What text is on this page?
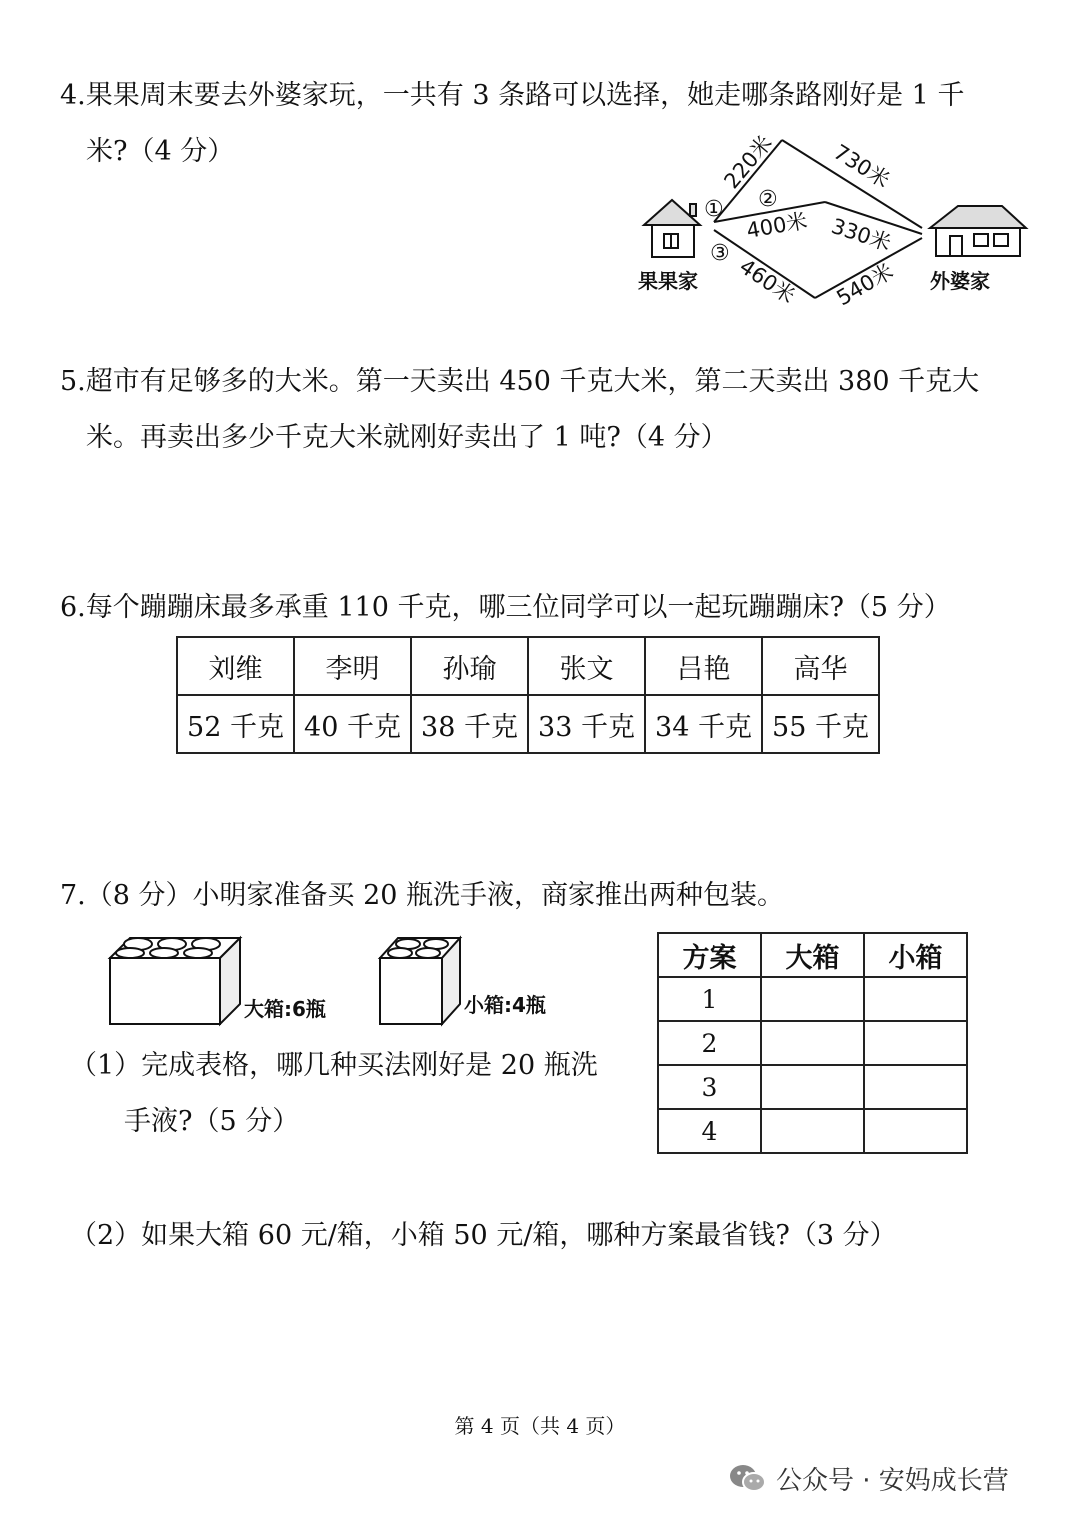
4.果果周末要去外婆家玩，一共有 3 条路可以选择，她走哪条路刚好是 1 千
米?（4 分）
果果家	外婆家
① ②
③
220米 730米
400米 330米
460米 540米
5.超市有足够多的大米。第一天卖出 450 千克大米，第二天卖出 380 千克大
米。再卖出多少千克大米就刚好卖出了 1 吨?（4 分）
6.每个蹦蹦床最多承重 110 千克，哪三位同学可以一起玩蹦蹦床?（5 分）
刘维	李明	孙瑜	张文	吕艳	高华
52 千克	40 千克	38 千克	33 千克	34 千克	55 千克
7.（8 分）小明家准备买 20 瓶洗手液，商家推出两种包装。
大箱:6瓶	小箱:4瓶
（1）完成表格，哪几种买法刚好是 20 瓶洗
手液?（5 分）
方案	大箱	小箱
1		
2		
3		
4		
（2）如果大箱 60 元/箱，小箱 50 元/箱，哪种方案最省钱?（3 分）
第 4 页（共 4 页）
公众号 · 安妈成长营
